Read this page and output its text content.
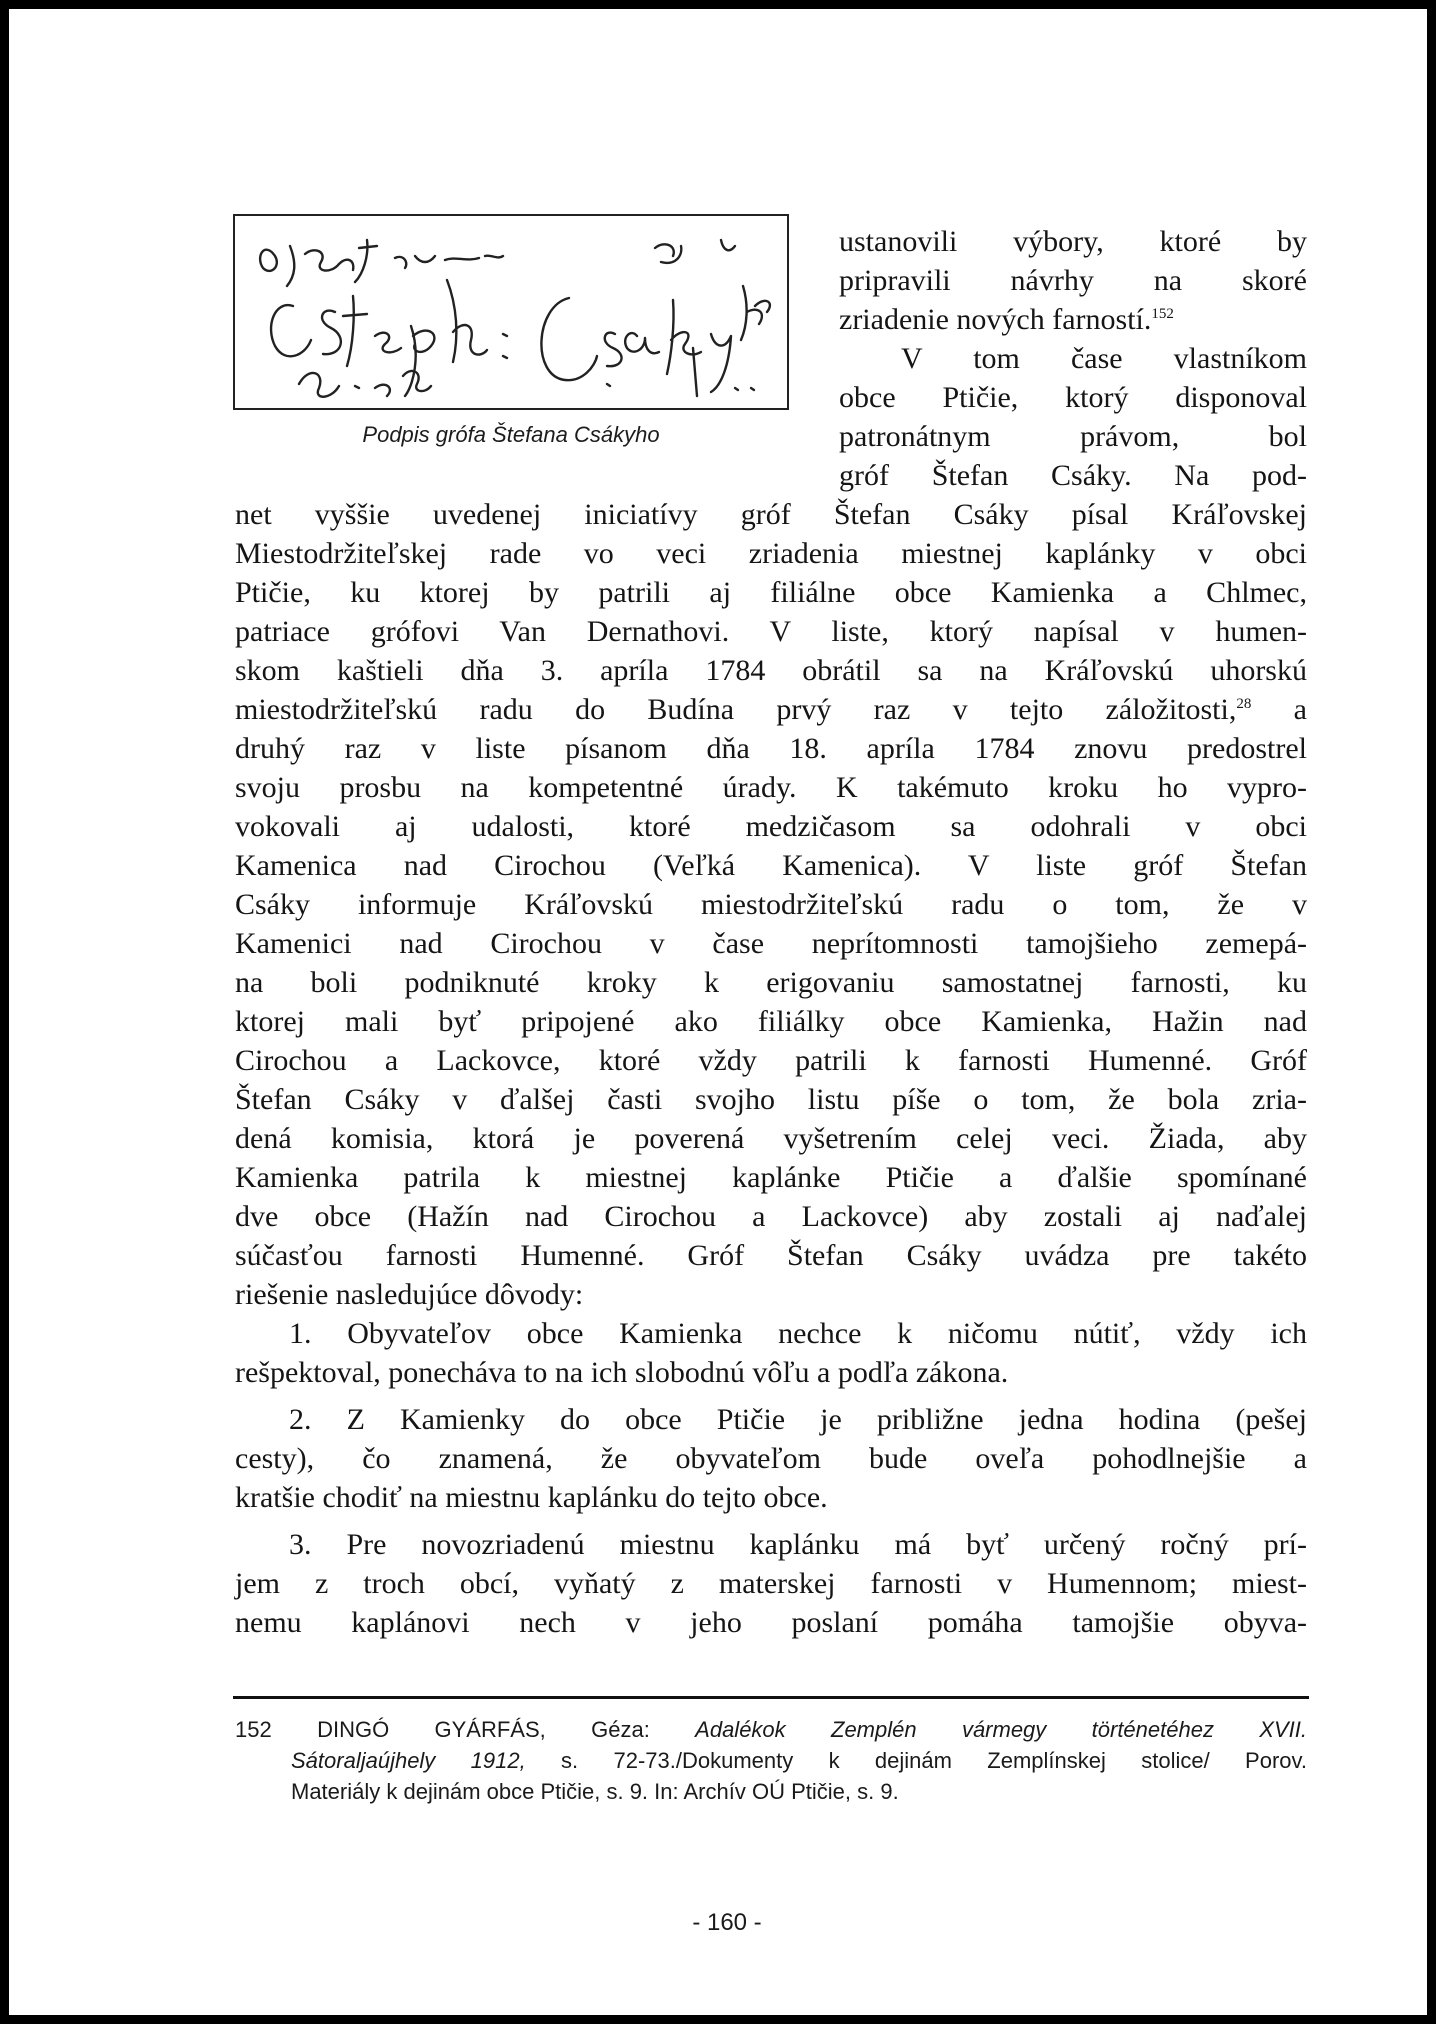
Podpis grófa Štefana Csákyho
ustanovili výbory, ktoré by
pripravili návrhy na skoré
zriadenie nových farností.$^{152}$
V tom čase vlastníkom
obce Ptičie, ktorý disponoval
patronátnym právom, bol
gróf Štefan Csáky. Na pod-
net vyššie uvedenej iniciatívy gróf Štefan Csáky písal Kráľovskej
Miestodržiteľskej rade vo veci zriadenia miestnej kaplánky v obci
Ptičie, ku ktorej by patrili aj filiálne obce Kamienka a Chlmec,
patriace grófovi Van Dernathovi. V liste, ktorý napísal v humen-
skom kaštieli dňa 3. apríla 1784 obrátil sa na Kráľovskú uhorskú
miestodržiteľskú radu do Budína prvý raz v tejto záložitosti,$^{28}$ a
druhý raz v liste písanom dňa 18. apríla 1784 znovu predostrel
svoju prosbu na kompetentné úrady. K takémuto kroku ho vypro-
vokovali aj udalosti, ktoré medzičasom sa odohrali v obci
Kamenica nad Cirochou (Veľká Kamenica). V liste gróf Štefan
Csáky informuje Kráľovskú miestodržiteľskú radu o tom, že v
Kamenici nad Cirochou v čase neprítomnosti tamojšieho zemepá-
na boli podniknuté kroky k erigovaniu samostatnej farnosti, ku
ktorej mali byť pripojené ako filiálky obce Kamienka, Hažin nad
Cirochou a Lackovce, ktoré vždy patrili k farnosti Humenné. Gróf
Štefan Csáky v ďalšej časti svojho listu píše o tom, že bola zria-
dená komisia, ktorá je poverená vyšetrením celej veci. Žiada, aby
Kamienka patrila k miestnej kaplánke Ptičie a ďalšie spomínané
dve obce (Hažín nad Cirochou a Lackovce) aby zostali aj naďalej
súčasťou farnosti Humenné. Gróf Štefan Csáky uvádza pre takéto
riešenie nasledujúce dôvody:
1. Obyvateľov obce Kamienka nechce k ničomu nútiť, vždy ich
rešpektoval, ponecháva to na ich slobodnú vôľu a podľa zákona.
2. Z Kamienky do obce Ptičie je približne jedna hodina (pešej
cesty), čo znamená, že obyvateľom bude oveľa pohodlnejšie a
kratšie chodiť na miestnu kaplánku do tejto obce.
3. Pre novozriadenú miestnu kaplánku má byť určený ročný prí-
jem z troch obcí, vyňatý z materskej farnosti v Humennom; miest-
nemu kaplánovi nech v jeho poslaní pomáha tamojšie obyva-
152 DINGÓ GYÁRFÁS, Géza: Adalékok Zemplén vármegy történetéhez XVII.
Sátoraljaújhely 1912, s. 72-73./Dokumenty k dejinám Zemplínskej stolice/ Porov.
Materiály k dejinám obce Ptičie, s. 9. In: Archív OÚ Ptičie, s. 9.
- 160 -
